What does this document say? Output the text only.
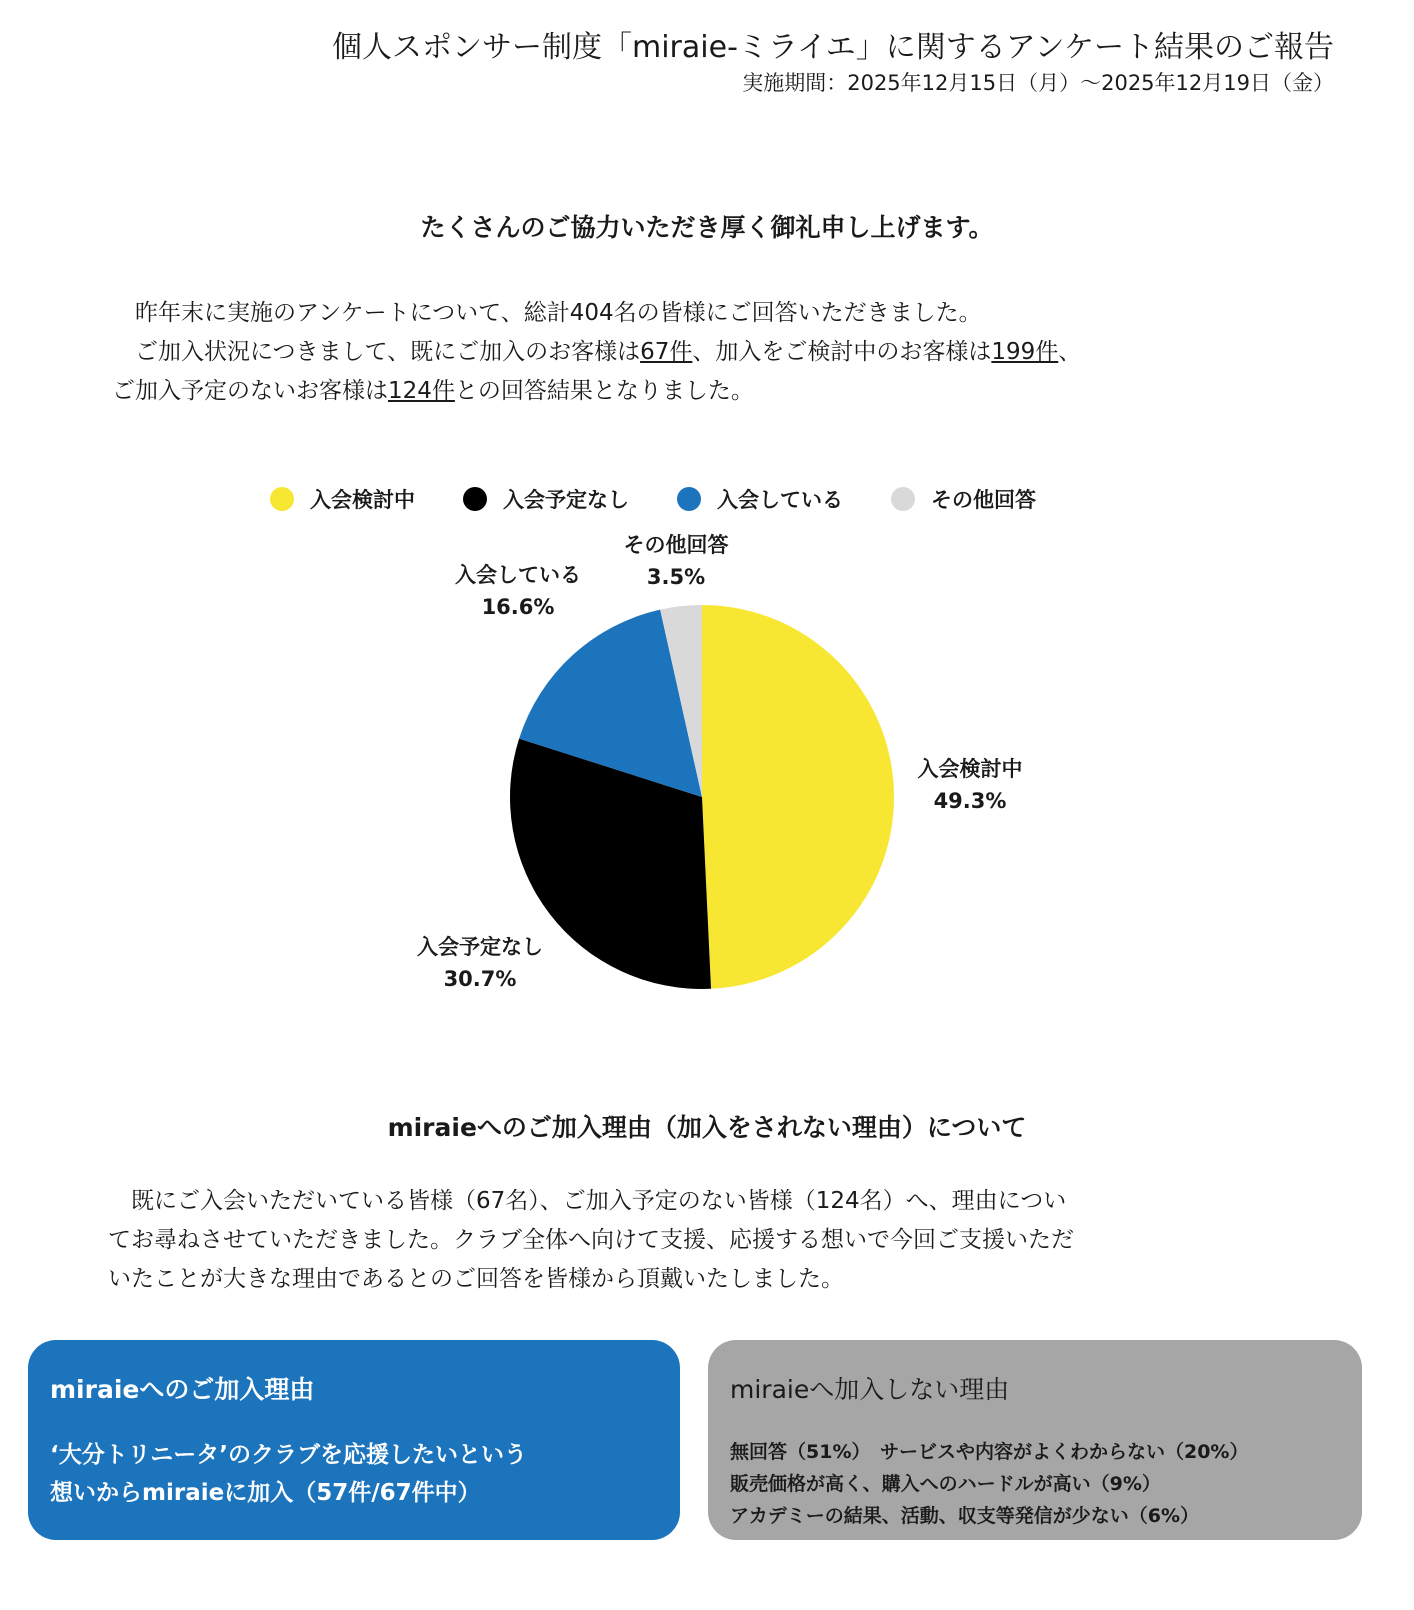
個人スポンサー制度「miraie-ミライエ」に関するアンケート結果のご報告
実施期間：2025年12月15日（月）～2025年12月19日（金）
たくさんのご協力いただき厚く御礼申し上げます。

　昨年末に実施のアンケートについて、総計404名の皆様にご回答いただきました。

　ご加入状況につきまして、既にご加入のお客様は67件、加入をご検討中のお客様は199件、

ご加入予定のないお客様は124件との回答結果となりました。

入会検討中	入会予定なし	入会している	その他回答
入会検討中
49.3%
入会予定なし
30.7%
入会している
16.6%
その他回答
3.5%
miraieへのご加入理由（加入をされない理由）について

　既にご入会いただいている皆様（67名）、ご加入予定のない皆様（124名）へ、理由につい

てお尋ねさせていただきました。クラブ全体へ向けて支援、応援する想いで今回ご支援いただ

いたことが大きな理由であるとのご回答を皆様から頂戴いたしました。

miraieへのご加入理由

‘大分トリニータ’のクラブを応援したいという

想いからmiraieに加入（57件/67件中）

miraieへ加入しない理由

無回答（51%）　サービスや内容がよくわからない（20%）

販売価格が高く、購入へのハードルが高い（9%）

アカデミーの結果、活動、収支等発信が少ない（6%）
